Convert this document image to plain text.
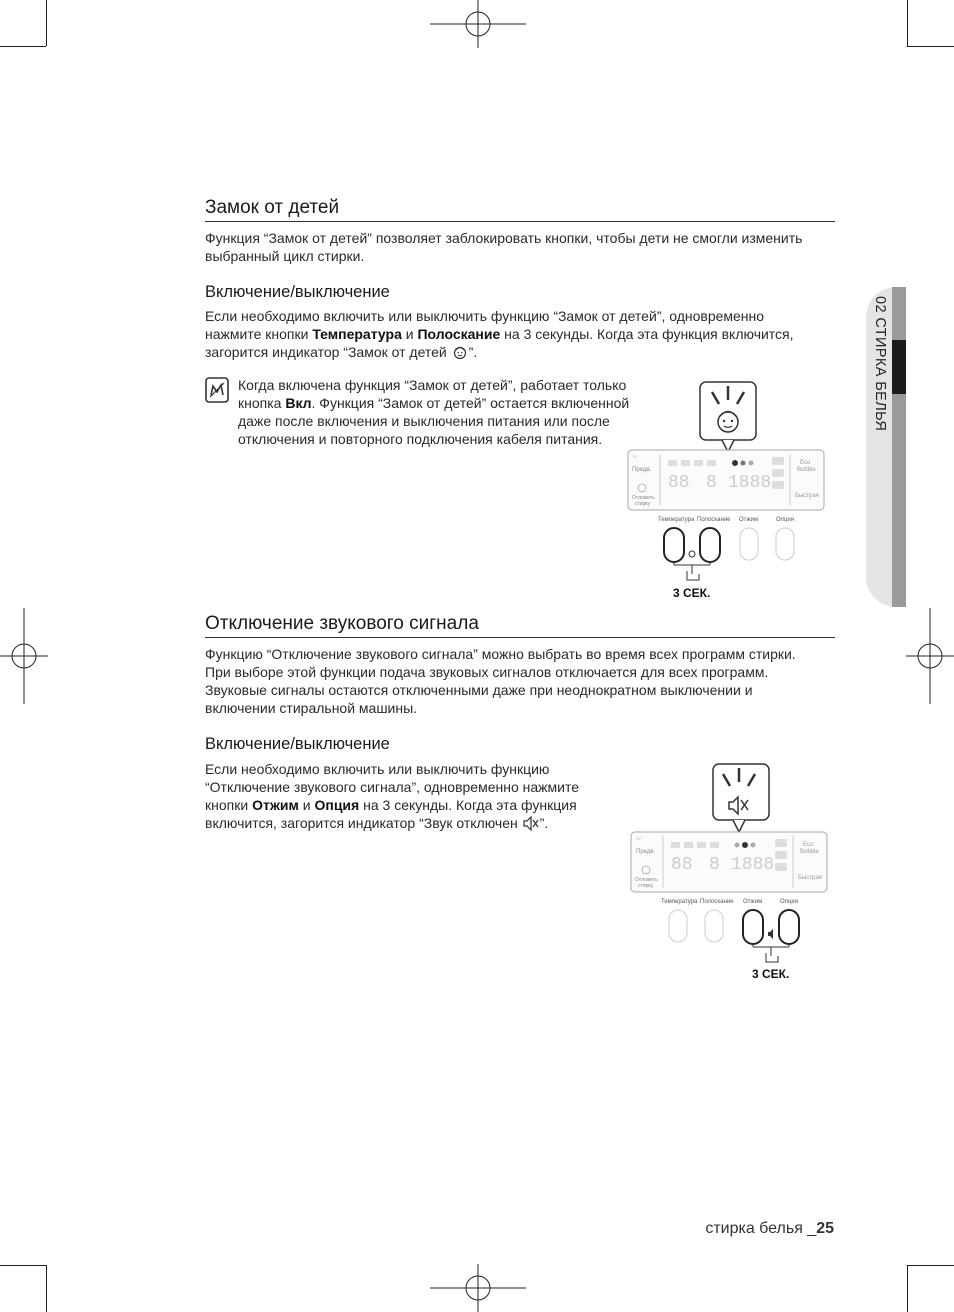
02 СТИРКА БЕЛЬЯ
Замок от детей

Функция “Замок от детей” позволяет заблокировать кнопки, чтобы дети не смогли изменить выбранный цикл стирки.

Включение/выключение

Если необходимо включить или выключить функцию “Замок от детей”, одновременно нажмите кнопки Температура и Полоскание на 3 секунды. Когда эта функция включится, загорится индикатор “Замок от детей ”.

Когда включена функция “Замок от детей”, работает только кнопка Вкл. Функция “Замок от детей” остается включенной даже после включения и выключения питания или после отключения и повторного подключения кабеля питания.

⌵
Предв.
Отложить
стирку
88 8 1888
Eco
Bubble
Быстрая
Температура Полоскание Отжим	Опция
3 СЕК.
Отключение звукового сигнала

Функцию “Отключение звукового сигнала” можно выбрать во время всех программ стирки. При выборе этой функции подача звуковых сигналов отключается для всех программ. Звуковые сигналы остаются отключенными даже при неоднократном выключении и включении стиральной машины.

Включение/выключение

Если необходимо включить или выключить функцию “Отключение звукового сигнала”, одновременно нажмите кнопки Отжим и Опция на 3 секунды. Когда эта функция включится, загорится индикатор “Звук отключен ”.

⌵
Предв.
Отложить
стирку
88 8 1888
Eco
Bubble
Быстрая
Температура Полоскание Отжим	Опция
3 СЕК.
стирка белья _25
